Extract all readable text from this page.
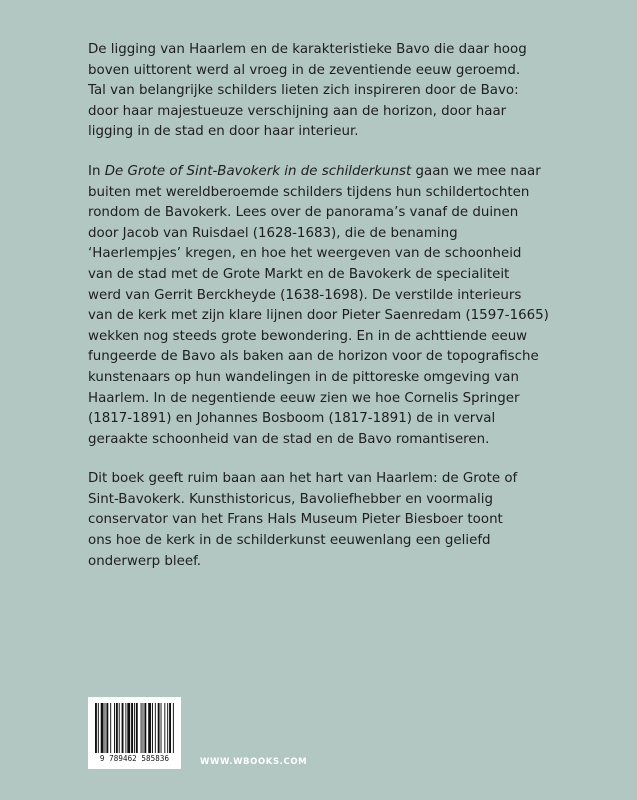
De ligging van Haarlem en de karakteristieke Bavo die daar hoog
boven uittorent werd al vroeg in de zeventiende eeuw geroemd.
Tal van belangrijke schilders lieten zich inspireren door de Bavo:
door haar majestueuze verschijning aan de horizon, door haar
ligging in de stad en door haar interieur.

In De Grote of Sint-Bavokerk in de schilderkunst gaan we mee naar
buiten met wereldberoemde schilders tijdens hun schildertochten
rondom de Bavokerk. Lees over de panorama’s vanaf de duinen
door Jacob van Ruisdael (1628-1683), die de benaming
‘Haerlempjes’ kregen, en hoe het weergeven van de schoonheid
van de stad met de Grote Markt en de Bavokerk de specialiteit
werd van Gerrit Berckheyde (1638-1698). De verstilde interieurs
van de kerk met zijn klare lijnen door Pieter Saenredam (1597-1665)
wekken nog steeds grote bewondering. En in de achttiende eeuw
fungeerde de Bavo als baken aan de horizon voor de topografische
kunstenaars op hun wandelingen in de pittoreske omgeving van
Haarlem. In de negentiende eeuw zien we hoe Cornelis Springer
(1817-1891) en Johannes Bosboom (1817-1891) de in verval
geraakte schoonheid van de stad en de Bavo romantiseren.

Dit boek geeft ruim baan aan het hart van Haarlem: de Grote of
Sint-Bavokerk. Kunsthistoricus, Bavoliefhebber en voormalig
conservator van het Frans Hals Museum Pieter Biesboer toont
ons hoe de kerk in de schilderkunst eeuwenlang een geliefd
onderwerp bleef.

9 789462 585836	WWW.WBOOKS.COM
